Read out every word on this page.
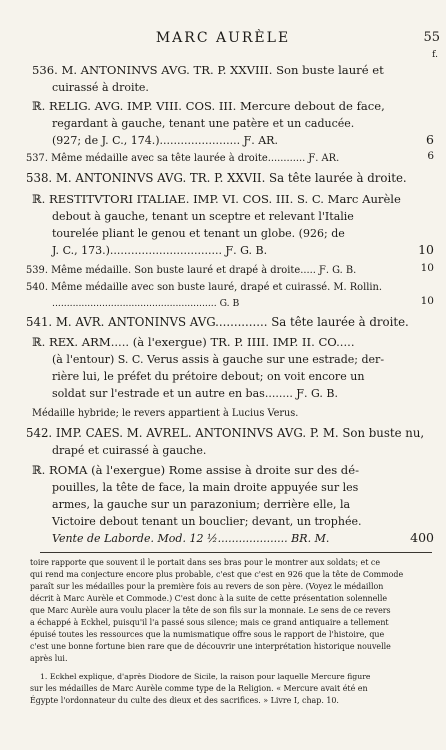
MARC AURÈLE	55
f.
536. M. ANTONINVS AVG. TR. P. XXVIII. Son buste lauré et
cuirassé à droite.
ℝ. RELIG. AVG. IMP. VIII. COS. III. Mercure debout de face,
regardant à gauche, tenant une patère et un caducée.
(927; de J. C., 174.)....................... Ƒ. AR.	6
537. Même médaille avec sa tête laurée à droite............ Ƒ. AR.	6
538. M. ANTONINVS AVG. TR. P. XXVII. Sa tête laurée à droite.
ℝ. RESTITVTORI ITALIAE. IMP. VI. COS. III. S. C. Marc Aurèle
debout à gauche, tenant un sceptre et relevant l'Italie
tourelée pliant le genou et tenant un globe. (926; de
J. C., 173.)................................ Ƒ. G. B.	10
539. Même médaille. Son buste lauré et drapé à droite..... Ƒ. G. B.	10
540. Même médaille avec son buste lauré, drapé et cuirassé. M. Rollin.
........................................................ G. B	10
541. M. AVR. ANTONINVS AVG.............. Sa tête laurée à droite.
ℝ. REX. ARM..... (à l'exergue) TR. P. IIII. IMP. II. CO.....
(à l'entour) S. C. Verus assis à gauche sur une estrade; der-
rière lui, le préfet du prétoire debout; on voit encore un
soldat sur l'estrade et un autre en bas........ Ƒ. G. B.
Médaille hybride; le revers appartient à Lucius Verus.
542. IMP. CAES. M. AVREL. ANTONINVS AVG. P. M. Son buste nu,
drapé et cuirassé à gauche.
ℝ. ROMA (à l'exergue) Rome assise à droite sur des dé-
pouilles, la tête de face, la main droite appuyée sur les
armes, la gauche sur un parazonium; derrière elle, la
Victoire debout tenant un bouclier; devant, un trophée.
Vente de Laborde. Mod. 12 ½.................... BR. M.	400
toire rapporte que souvent il le portait dans ses bras pour le montrer aux soldats; et ce
qui rend ma conjecture encore plus probable, c'est que c'est en 926 que la tête de Commode
paraît sur les médailles pour la première fois au revers de son père. (Voyez le médaillon
décrit à Marc Aurèle et Commode.) C'est donc à la suite de cette présentation solennelle
que Marc Aurèle aura voulu placer la tête de son fils sur la monnaie. Le sens de ce revers
a échappé à Eckhel, puisqu'il l'a passé sous silence; mais ce grand antiquaire a tellement
épuisé toutes les ressources que la numismatique offre sous le rapport de l'histoire, que
c'est une bonne fortune bien rare que de découvrir une interprétation historique nouvelle
après lui.
1. Eckhel explique, d'après Diodore de Sicile, la raison pour laquelle Mercure figure
sur les médailles de Marc Aurèle comme type de la Religion. « Mercure avait été en
Égypte l'ordonnateur du culte des dieux et des sacrifices. » Livre I, chap. 10.
